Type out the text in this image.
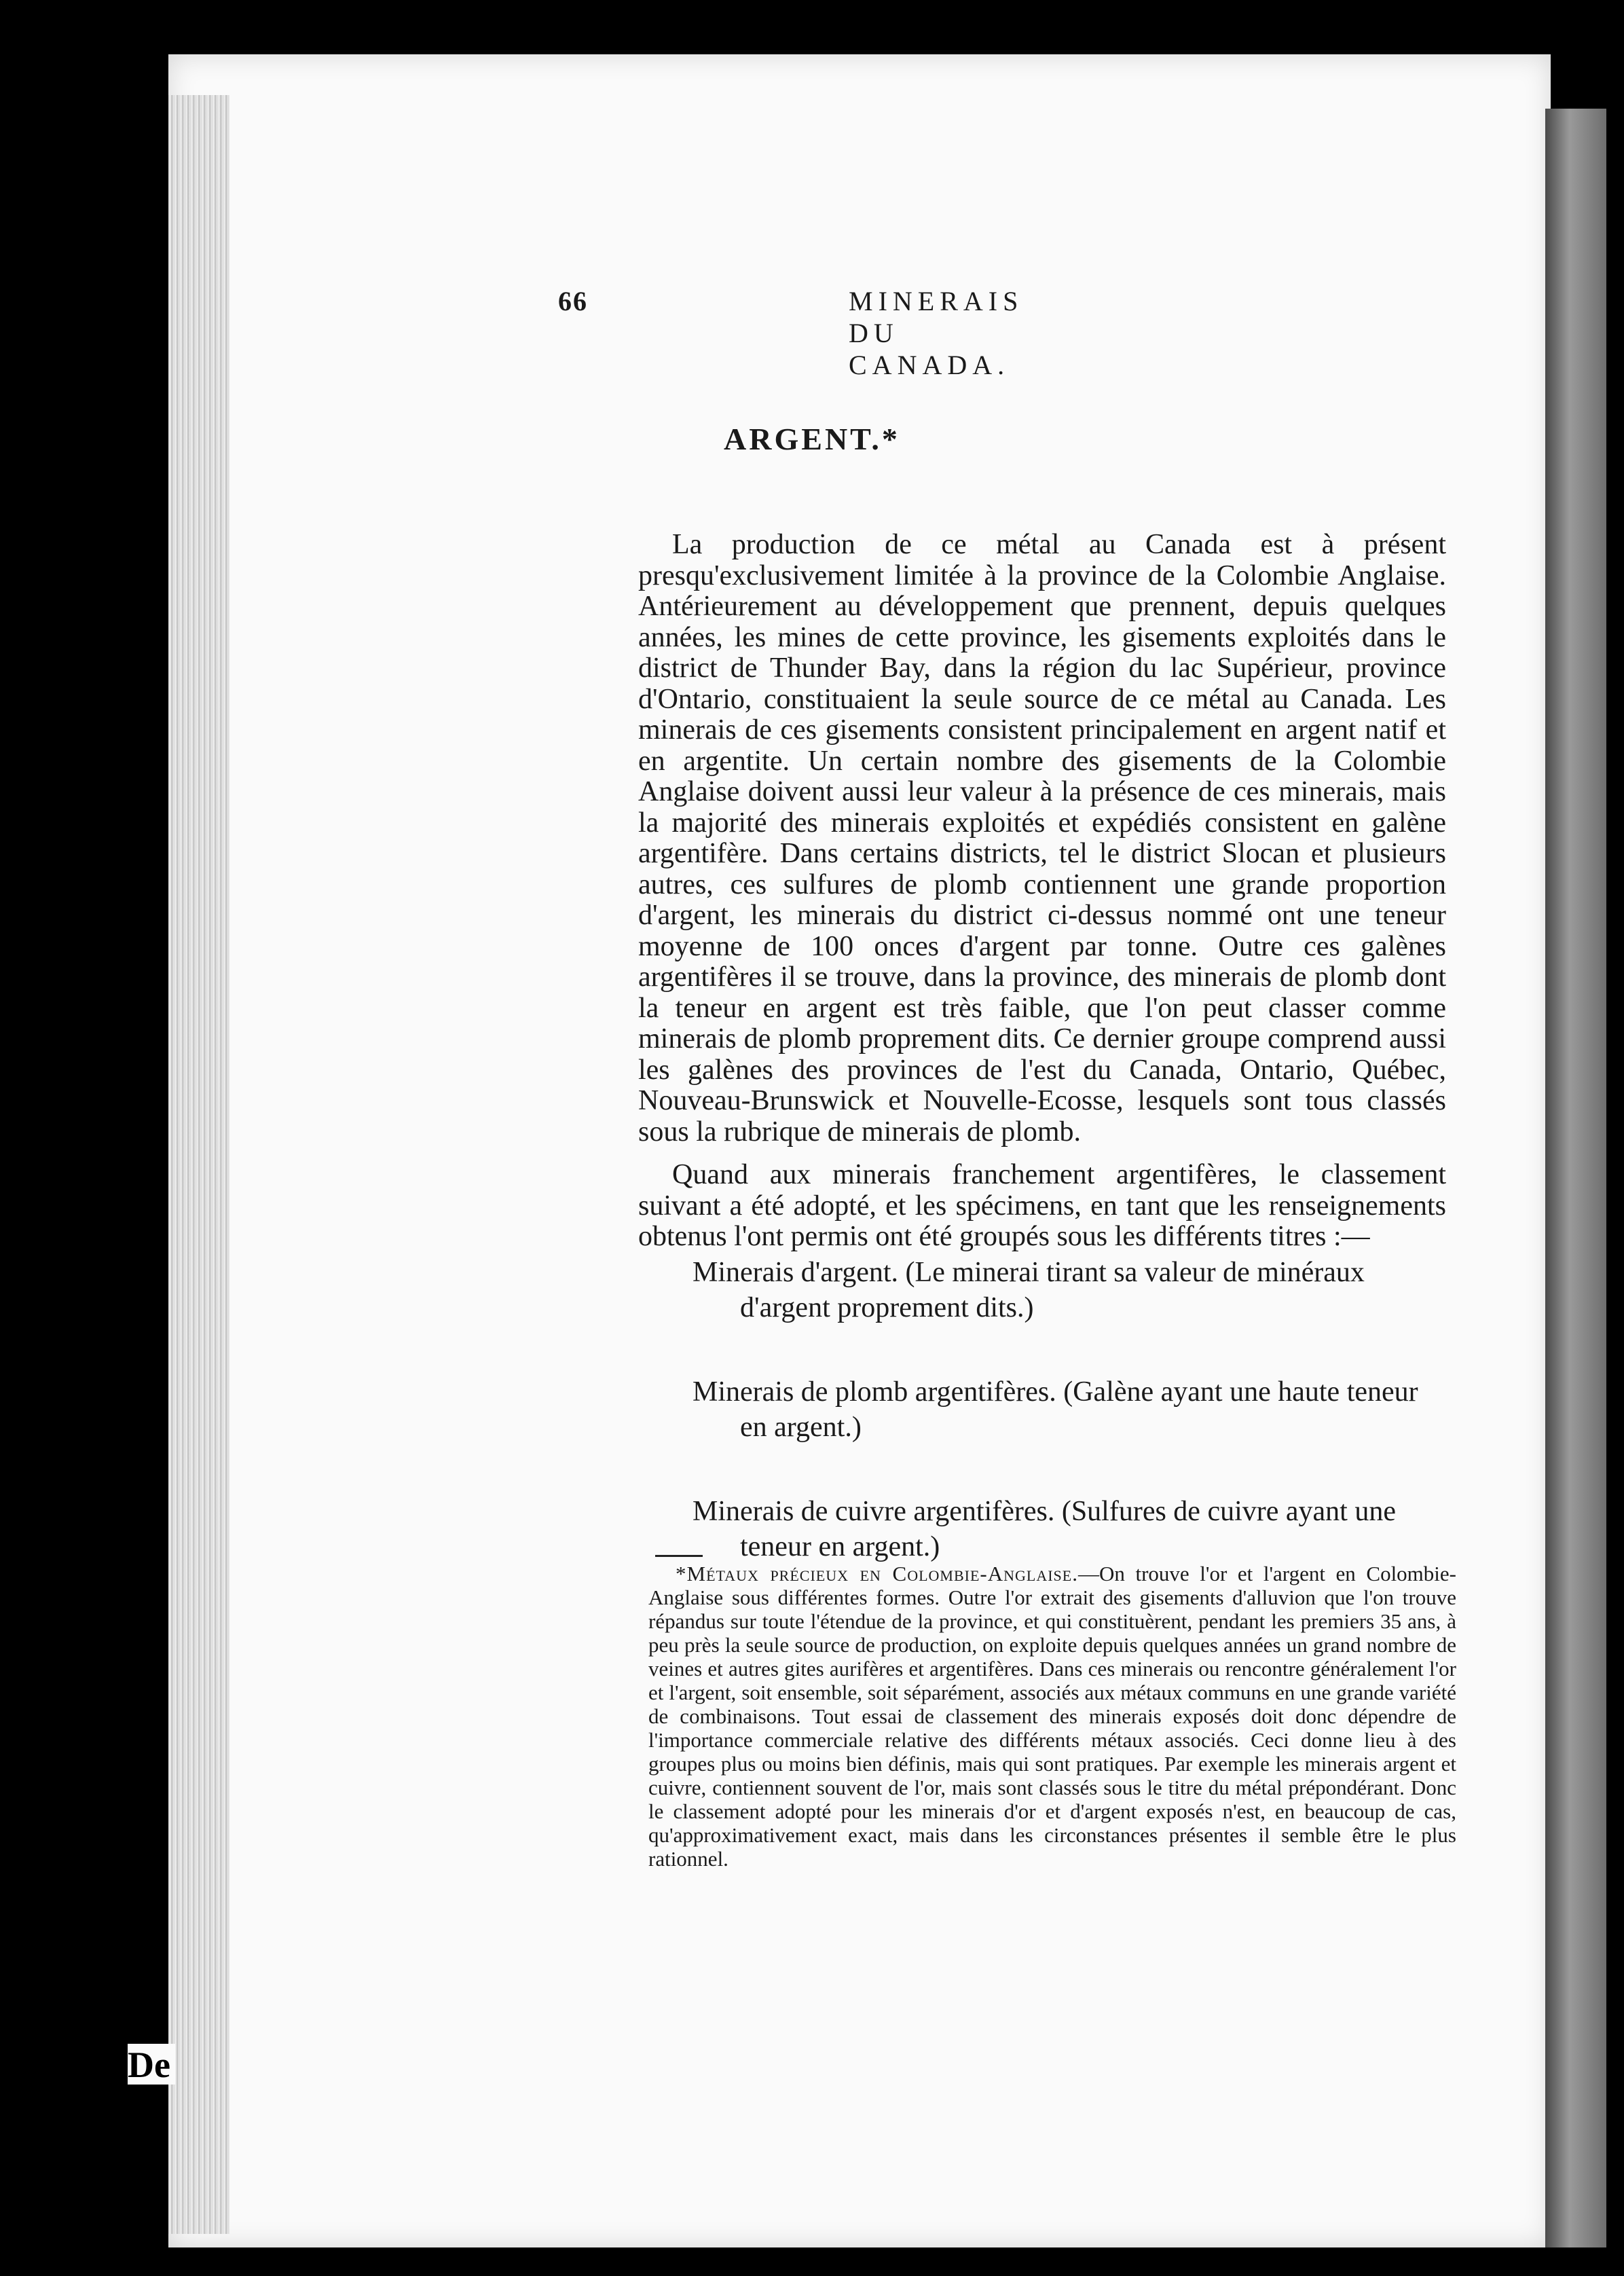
66	MINERAIS DU CANADA.
ARGENT.*

La production de ce métal au Canada est à présent presqu'exclusivement limitée à la province de la Colombie Anglaise. Antérieurement au développement que prennent, depuis quelques années, les mines de cette province, les gisements exploités dans le district de Thunder Bay, dans la région du lac Supérieur, province d'Ontario, constituaient la seule source de ce métal au Canada. Les minerais de ces gisements consistent principalement en argent natif et en argentite. Un certain nombre des gisements de la Colombie Anglaise doivent aussi leur valeur à la présence de ces minerais, mais la majorité des minerais exploités et expédiés consistent en galène argentifère. Dans certains districts, tel le district Slocan et plusieurs autres, ces sulfures de plomb contiennent une grande proportion d'argent, les minerais du district ci-dessus nommé ont une teneur moyenne de 100 onces d'argent par tonne. Outre ces galènes argentifères il se trouve, dans la province, des minerais de plomb dont la teneur en argent est très faible, que l'on peut classer comme minerais de plomb proprement dits. Ce dernier groupe comprend aussi les galènes des provinces de l'est du Canada, Ontario, Québec, Nouveau-Brunswick et Nouvelle-Ecosse, lesquels sont tous classés sous la rubrique de minerais de plomb.

Quand aux minerais franchement argentifères, le classement suivant a été adopté, et les spécimens, en tant que les renseignements obtenus l'ont permis ont été groupés sous les différents titres :—

Minerais d'argent. (Le minerai tirant sa valeur de minéraux d'argent proprement dits.)
Minerais de plomb argentifères. (Galène ayant une haute teneur en argent.)
Minerais de cuivre argentifères. (Sulfures de cuivre ayant une teneur en argent.)
*Métaux précieux en Colombie-Anglaise.—On trouve l'or et l'argent en Colombie-Anglaise sous différentes formes. Outre l'or extrait des gisements d'alluvion que l'on trouve répandus sur toute l'étendue de la province, et qui constituèrent, pendant les premiers 35 ans, à peu près la seule source de production, on exploite depuis quelques années un grand nombre de veines et autres gites aurifères et argentifères. Dans ces minerais ou rencontre généralement l'or et l'argent, soit ensemble, soit séparément, associés aux métaux communs en une grande variété de combinaisons. Tout essai de classement des minerais exposés doit donc dépendre de l'importance commerciale relative des différents métaux associés. Ceci donne lieu à des groupes plus ou moins bien définis, mais qui sont pratiques. Par exemple les minerais argent et cuivre, contiennent souvent de l'or, mais sont classés sous le titre du métal prépondérant. Donc le classement adopté pour les minerais d'or et d'argent exposés n'est, en beaucoup de cas, qu'approximativement exact, mais dans les circonstances présentes il semble être le plus rationnel.
De
